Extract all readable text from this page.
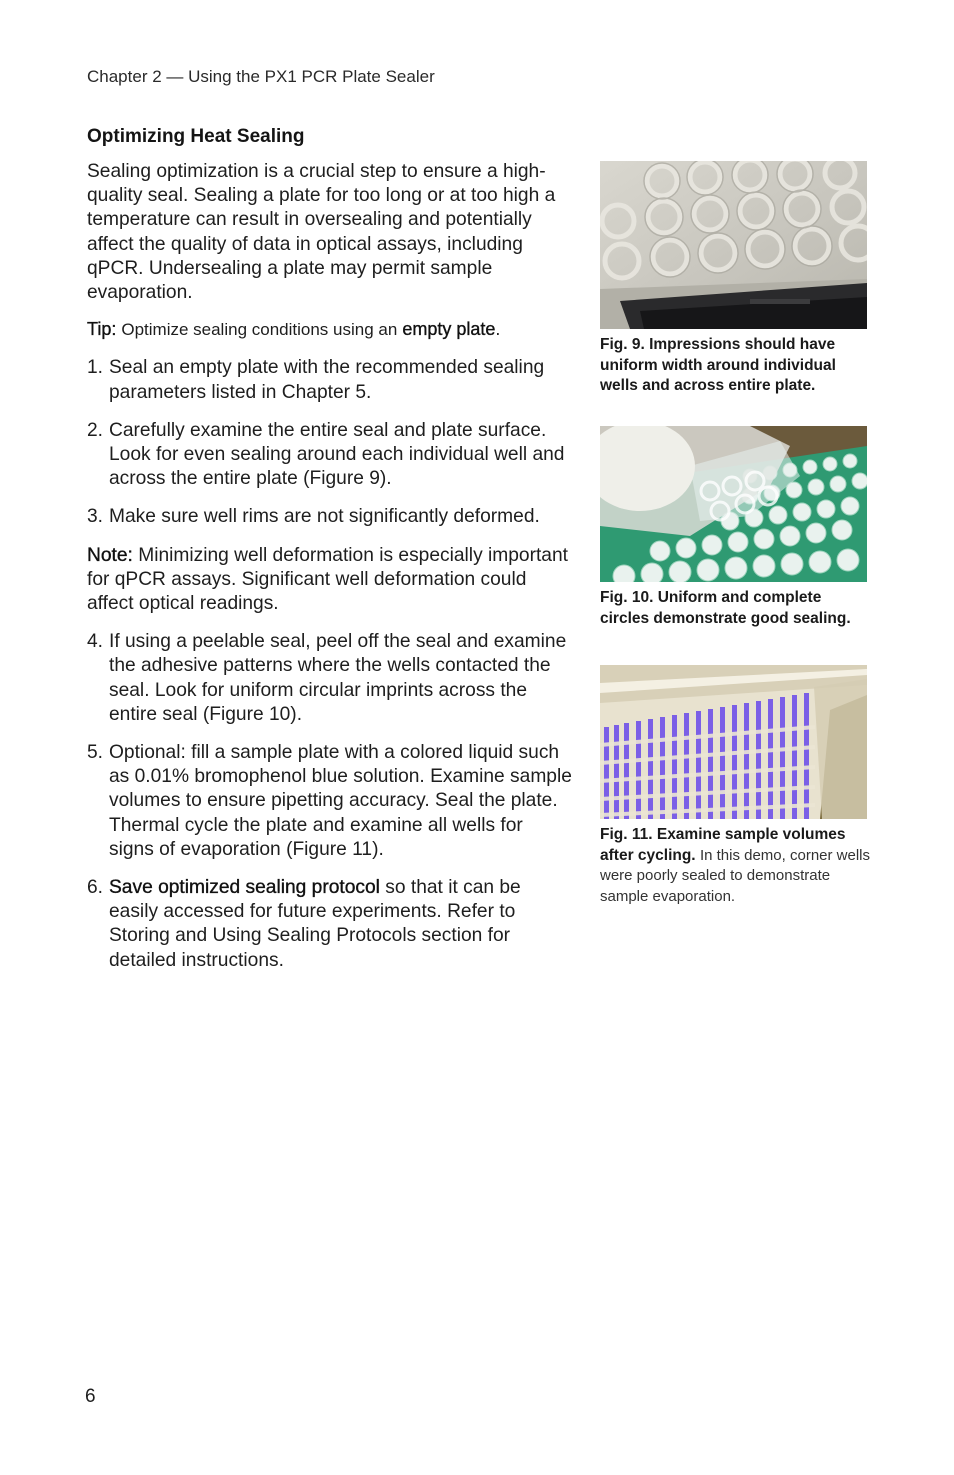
Chapter 2 — Using the PX1 PCR Plate Sealer
Optimizing Heat Sealing

Sealing optimization is a crucial step to ensure a high-quality seal. Sealing a plate for too long or at too high a temperature can result in oversealing and potentially affect the quality of data in optical assays, including qPCR. Undersealing a plate may permit sample evaporation.

Tip: Optimize sealing conditions using an empty plate.

1. Seal an empty plate with the recommended sealing parameters listed in Chapter 5.

2. Carefully examine the entire seal and plate surface. Look for even sealing around each individual well and across the entire plate (Figure 9).

3. Make sure well rims are not significantly deformed.

Note: Minimizing well deformation is especially important for qPCR assays. Significant well deformation could affect optical readings.

4. If using a peelable seal, peel off the seal and examine the adhesive patterns where the wells contacted the seal. Look for uniform circular imprints across the entire seal (Figure 10).

5. Optional: fill a sample plate with a colored liquid such as 0.01% bromophenol blue solution. Examine sample volumes to ensure pipetting accuracy. Seal the plate. Thermal cycle the plate and examine all wells for signs of evaporation (Figure 11).

6. Save optimized sealing protocol so that it can be easily accessed for future experiments. Refer to Storing and Using Sealing Protocols section for detailed instructions.

Fig. 9. Impressions should have uniform width around individual wells and across entire plate.
Fig. 10. Uniform and complete circles demonstrate good sealing.
Fig. 11. Examine sample volumes after cycling. In this demo, corner wells were poorly sealed to demonstrate sample evaporation.
6
